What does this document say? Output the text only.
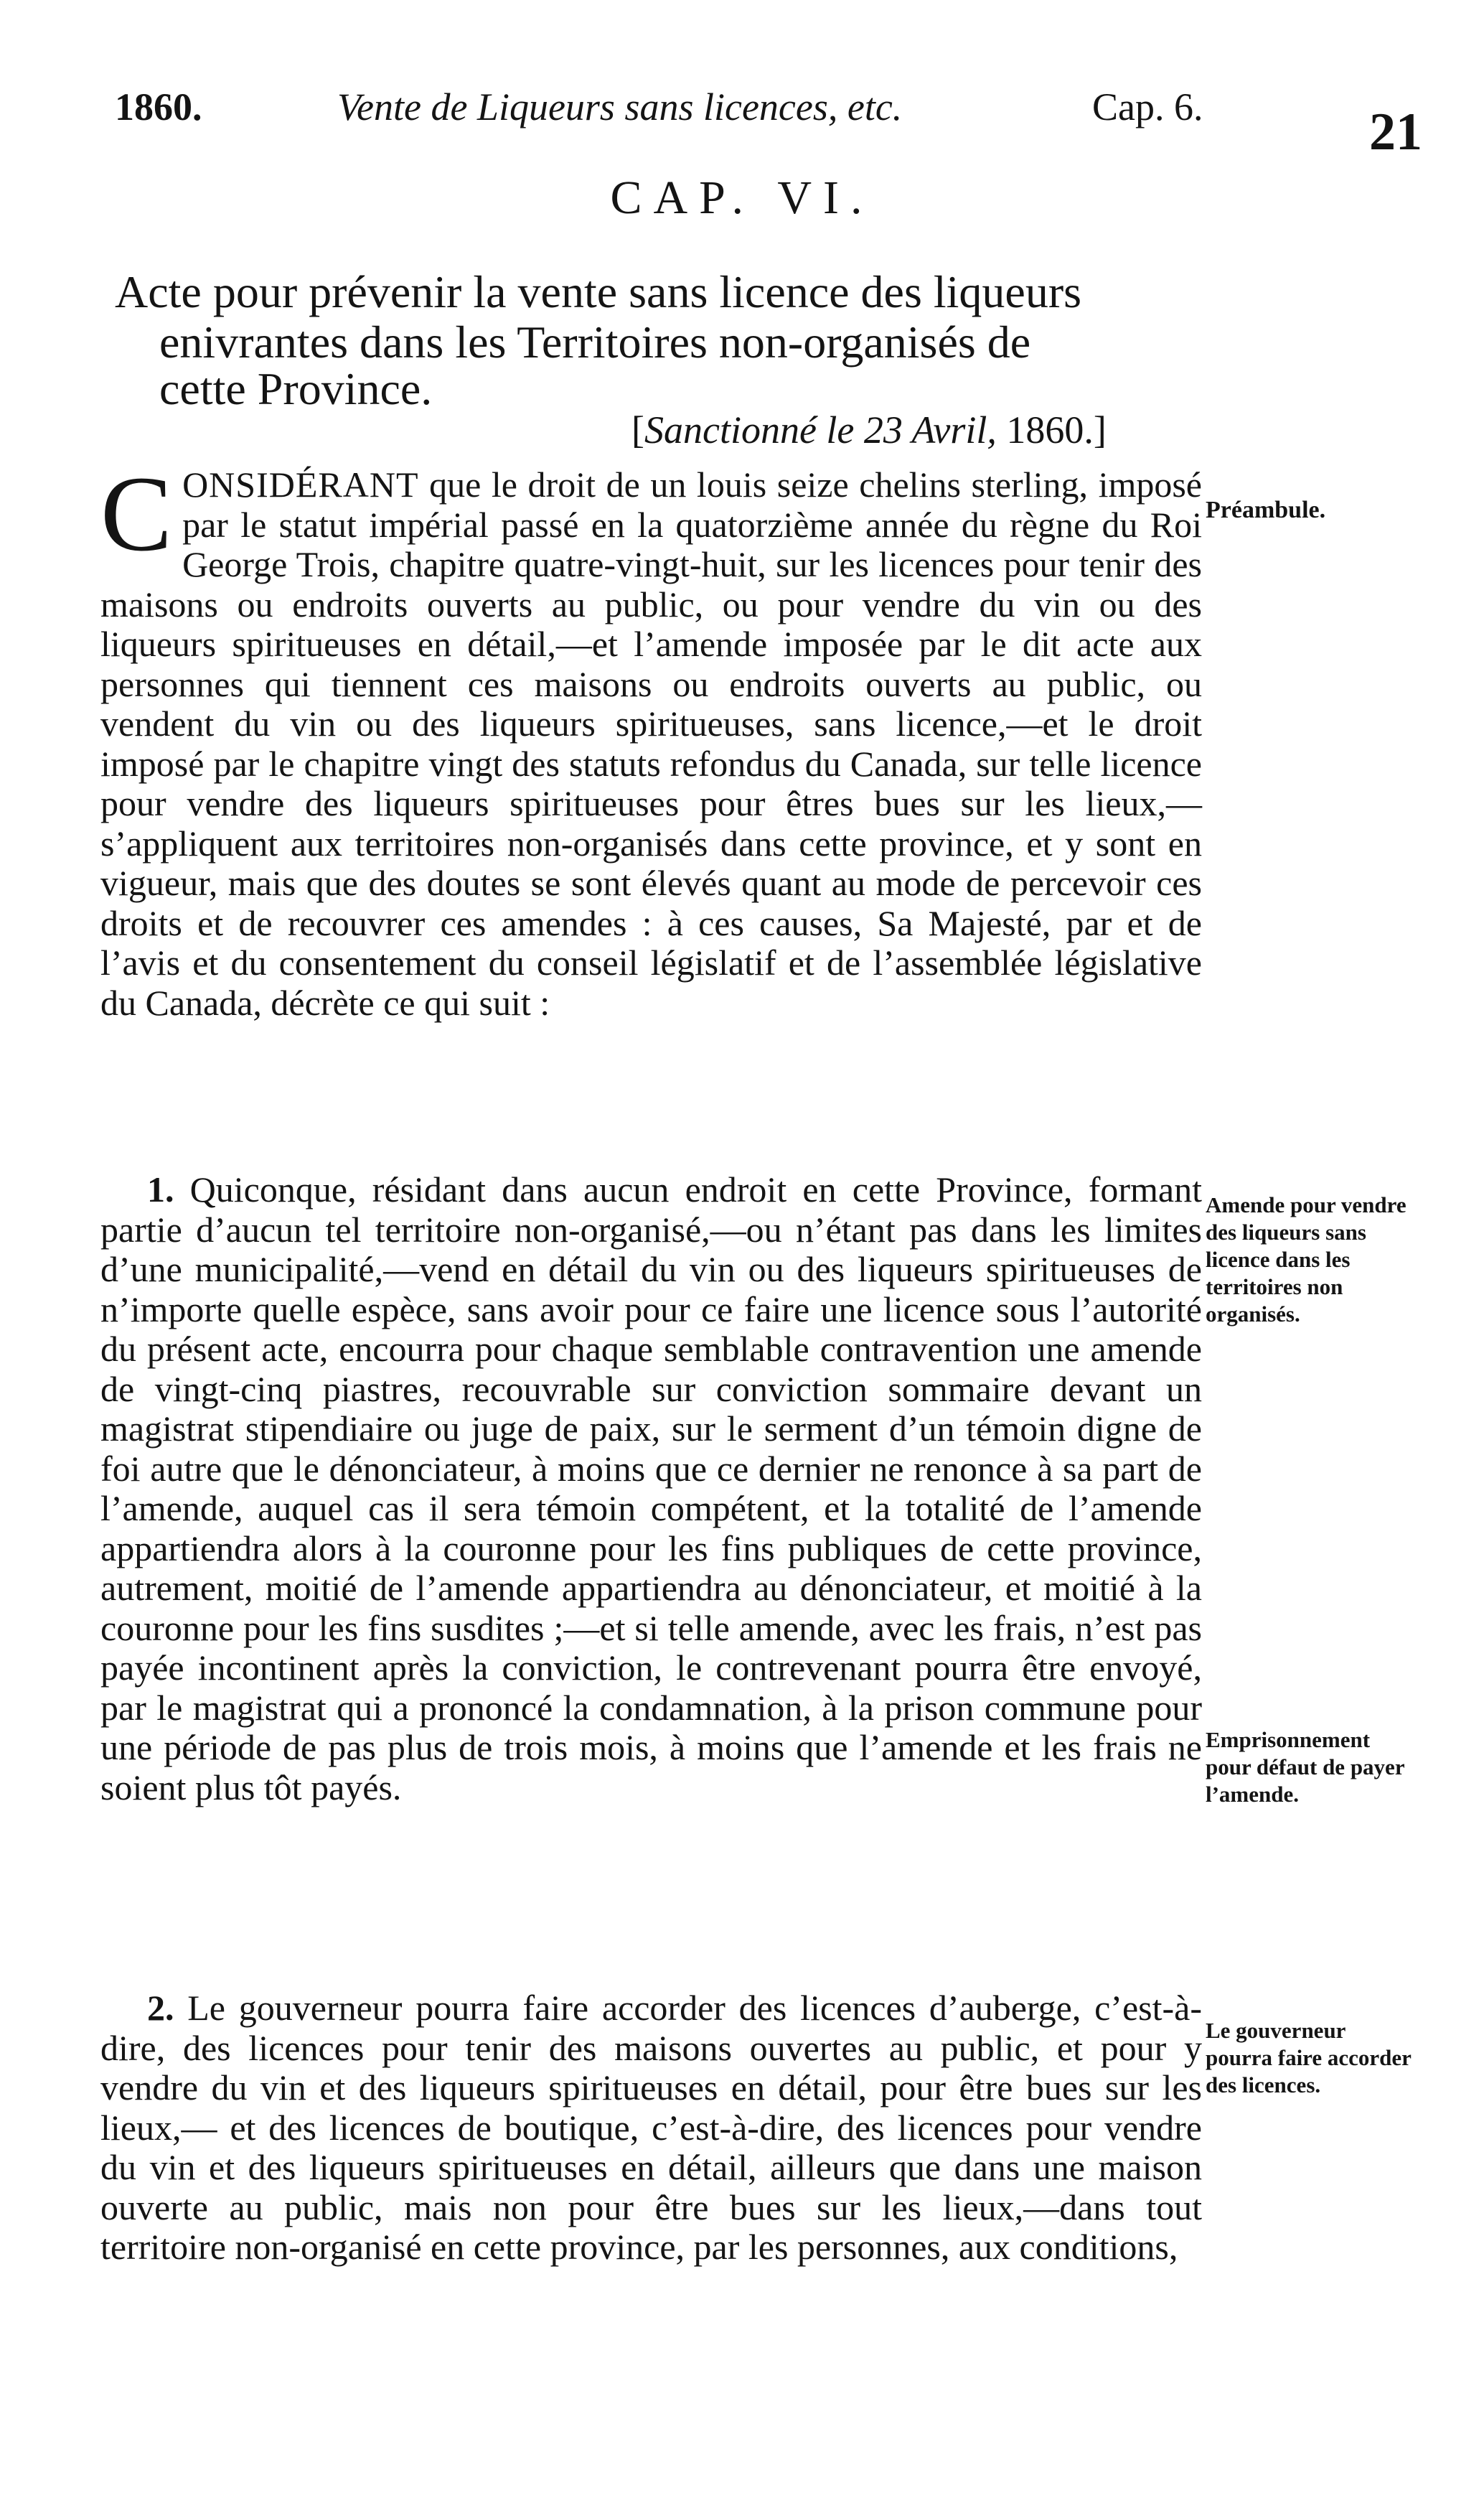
1860.	Vente de Liqueurs sans licences, etc.	Cap. 6.	21
CAP. VI.
Acte pour prévenir la vente sans licence des liqueurs
enivrantes dans les Territoires non-organisés de
cette Province.
[Sanctionné le 23 Avril, 1860.]
CONSIDÉRANT que le droit de un louis seize chelins sterling, imposé par le statut impérial passé en la quatorzième année du règne du Roi George Trois, chapitre quatre-vingt-huit, sur les licences pour tenir des maisons ou endroits ouverts au public, ou pour vendre du vin ou des liqueurs spiritueuses en détail,—et l’amende imposée par le dit acte aux personnes qui tiennent ces maisons ou endroits ouverts au public, ou vendent du vin ou des liqueurs spiritueuses, sans licence,—et le droit imposé par le chapitre vingt des statuts refondus du Canada, sur telle licence pour vendre des liqueurs spiritueuses pour êtres bues sur les lieux,—s’appliquent aux territoires non-organisés dans cette province, et y sont en vigueur, mais que des doutes se sont élevés quant au mode de percevoir ces droits et de recouvrer ces amendes : à ces causes, Sa Majesté, par et de l’avis et du consentement du conseil législatif et de l’assemblée législative du Canada, décrète ce qui suit :
1. Quiconque, résidant dans aucun endroit en cette Province, formant partie d’aucun tel territoire non-organisé,—ou n’étant pas dans les limites d’une municipalité,—vend en détail du vin ou des liqueurs spiritueuses de n’importe quelle espèce, sans avoir pour ce faire une licence sous l’autorité du présent acte, encourra pour chaque semblable contravention une amende de vingt-cinq piastres, recouvrable sur conviction sommaire devant un magistrat stipendiaire ou juge de paix, sur le serment d’un témoin digne de foi autre que le dénonciateur, à moins que ce dernier ne renonce à sa part de l’amende, auquel cas il sera témoin compétent, et la totalité de l’amende appartiendra alors à la couronne pour les fins publiques de cette province, autrement, moitié de l’amende appartiendra au dénonciateur, et moitié à la couronne pour les fins susdites ;—et si telle amende, avec les frais, n’est pas payée incontinent après la conviction, le contrevenant pourra être envoyé, par le magistrat qui a prononcé la condamnation, à la prison commune pour une période de pas plus de trois mois, à moins que l’amende et les frais ne soient plus tôt payés.
2. Le gouverneur pourra faire accorder des licences d’auberge, c’est-à-dire, des licences pour tenir des maisons ouvertes au public, et pour y vendre du vin et des liqueurs spiritueuses en détail, pour être bues sur les lieux,— et des licences de boutique, c’est-à-dire, des licences pour vendre du vin et des liqueurs spiritueuses en détail, ailleurs que dans une maison ouverte au public, mais non pour être bues sur les lieux,—dans tout territoire non-organisé en cette province, par les personnes, aux conditions,
Préambule.
Amende pour vendre des liqueurs sans licence dans les territoires non organisés.
Emprisonnement pour défaut de payer l’amende.
Le gouverneur pourra faire accorder des licences.
